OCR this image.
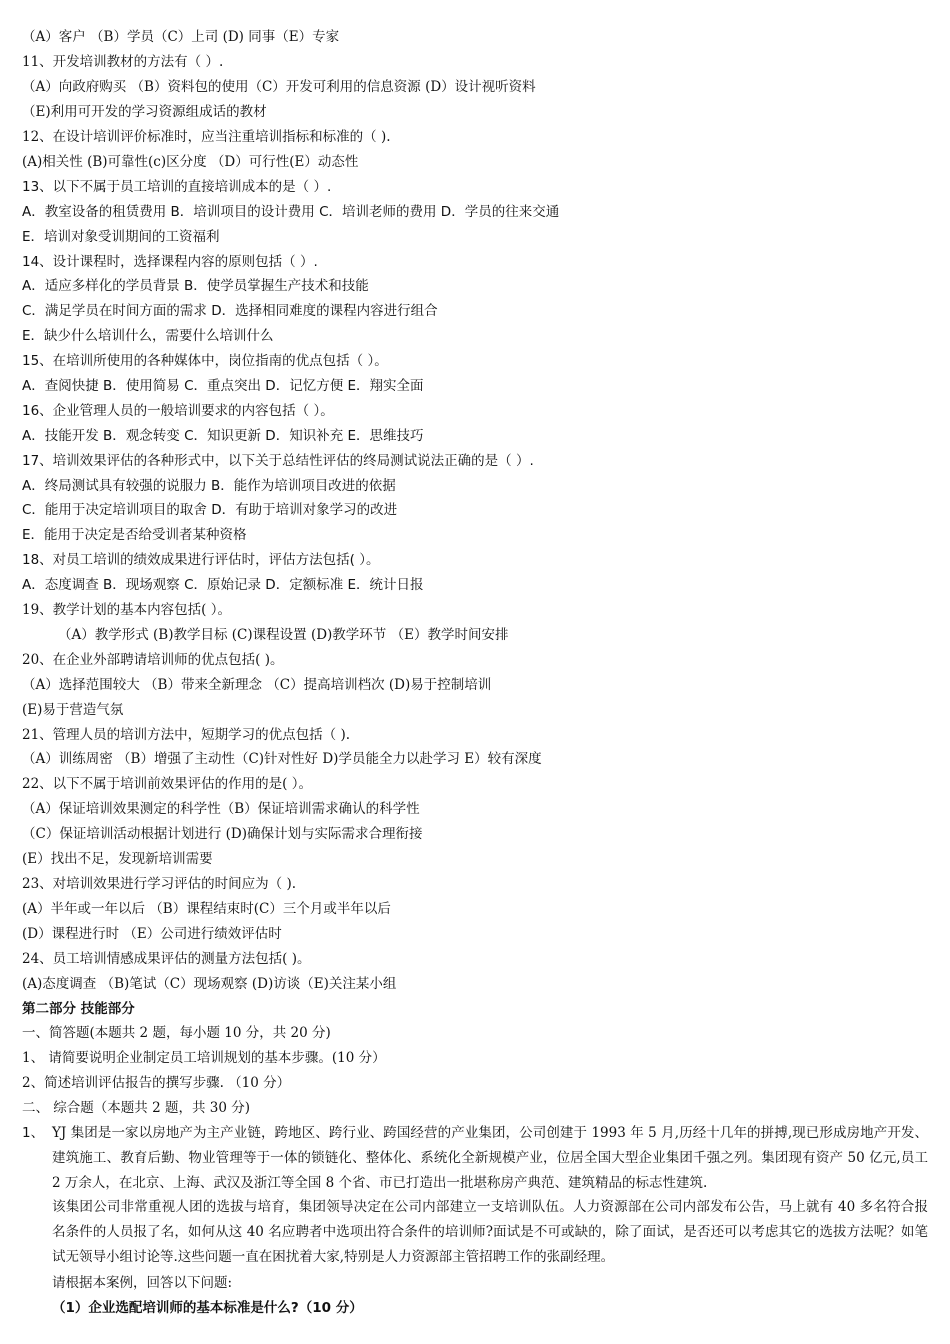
（A）客户 （B）学员（C）上司 (D) 同事（E）专家
11、开发培训教材的方法有（ ）.
（A）向政府购买 （B）资料包的使用（C）开发可利用的信息资源 (D）设计视听资料
（E)利用可开发的学习资源组成话的教材
12、在设计培训评价标准时，应当注重培训指标和标准的（ ).
(A)相关性 (B)可靠性(c)区分度 （D）可行性(E）动态性
13、以下不属于员工培训的直接培训成本的是（ ）.
A．教室设备的租赁费用 B．培训项目的设计费用 C．培训老师的费用 D．学员的往来交通
E．培训对象受训期间的工资福利
14、设计课程时，选择课程内容的原则包括（ ）.
A．适应多样化的学员背景 B．使学员掌握生产技术和技能
C．满足学员在时间方面的需求 D．选择相同难度的课程内容进行组合
E．缺少什么培训什么，需要什么培训什么
15、在培训所使用的各种媒体中，岗位指南的优点包括（ ）。
A．查阅快捷 B．使用简易 C．重点突出 D．记忆方便 E．翔实全面
16、企业管理人员的一般培训要求的内容包括（ ）。
A．技能开发 B．观念转变 C．知识更新 D．知识补充 E．思维技巧
17、培训效果评估的各种形式中，以下关于总结性评估的终局测试说法正确的是（ ）.
A．终局测试具有较强的说服力 B．能作为培训项目改进的依据
C．能用于决定培训项目的取舍 D．有助于培训对象学习的改进
E．能用于决定是否给受训者某种资格
18、对员工培训的绩效成果进行评估时，评估方法包括( ）。
A．态度调查 B．现场观察 C．原始记录 D．定额标准 E．统计日报
19、教学计划的基本内容包括( ）。
（A）教学形式 (B)教学目标 (C)课程设置 (D)教学环节 （E）教学时间安排
20、在企业外部聘请培训师的优点包括( )。
（A）选择范围较大 （B）带来全新理念 （C）提高培训档次 (D)易于控制培训
(E)易于营造气氛
21、管理人员的培训方法中，短期学习的优点包括（ ).
（A）训练周密 （B）增强了主动性（C)针对性好 D)学员能全力以赴学习 E）较有深度
22、以下不属于培训前效果评估的作用的是( ）。
（A）保证培训效果测定的科学性（B）保证培训需求确认的科学性
（C）保证培训活动根据计划进行 (D)确保计划与实际需求合理衔接
(E）找出不足，发现新培训需要
23、对培训效果进行学习评估的时间应为（ ).
(A）半年或一年以后 （B）课程结束时(C）三个月或半年以后
(D）课程进行时 （E）公司进行绩效评估时
24、员工培训情感成果评估的测量方法包括( )。
(A)态度调查 （B)笔试（C）现场观察 (D)访谈（E)关注某小组
第二部分 技能部分
一、简答题(本题共 2 题，每小题 10 分，共 20 分)
1、 请简要说明企业制定员工培训规划的基本步骤。(10 分）
2、简述培训评估报告的撰写步骤. （10 分）
二、 综合题（本题共 2 题，共 30 分)
1、 YJ 集团是一家以房地产为主产业链，跨地区、跨行业、跨国经营的产业集团，公司创建于 1993 年 5 月,历经十几年的拼搏,现已形成房地产开发、建筑施工、教育后勤、物业管理等于一体的锁链化、整体化、系统化全新规模产业，位居全国大型企业集团千强之列。集团现有资产 50 亿元,员工 2 万余人，在北京、上海、武汉及浙江等全国 8 个省、市已打造出一批堪称房产典范、建筑精品的标志性建筑.
该集团公司非常重视人团的选拔与培育，集团领导决定在公司内部建立一支培训队伍。人力资源部在公司内部发布公告，马上就有 40 多名符合报名条件的人员报了名，如何从这 40 名应聘者中选项出符合条件的培训师?面试是不可或缺的，除了面试，是否还可以考虑其它的选拔方法呢？如笔试无领导小组讨论等.这些问题一直在困扰着大家,特别是人力资源部主管招聘工作的张副经理。
请根据本案例，回答以下问题:
（1）企业选配培训师的基本标准是什么?（10 分）
